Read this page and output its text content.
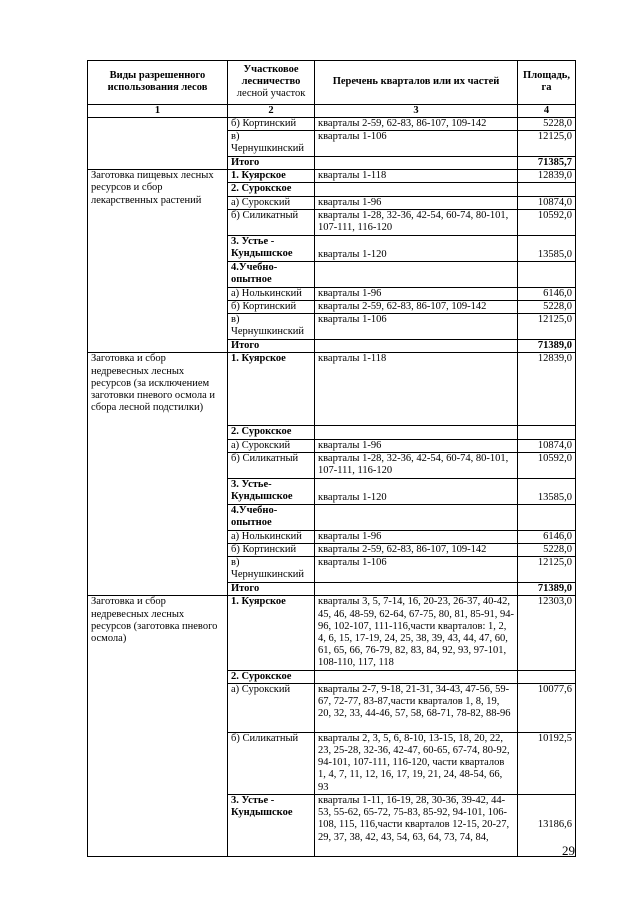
Виды разрешенного использования лесов	Участковое лесничество
лесной участок	Перечень кварталов или их частей	Площадь, га
1	2	3	4
	б) Кортинский	кварталы 2-59, 62-83, 86-107, 109-142	5228,0
	в) Чернушкинский	кварталы 1-106	12125,0
	Итого		71385,7
Заготовка пищевых лесных ресурсов и сбор лекарственных растений	1. Куярское	кварталы 1-118	12839,0
	2. Сурокское		
	а) Сурокский	кварталы 1-96	10874,0
	б) Силикатный	кварталы 1-28, 32-36, 42-54, 60-74, 80-101, 107-111, 116-120	10592,0
	3. Устье - Кундышское	кварталы 1-120	13585,0
	4.Учебно-опытное		
	а) Нолькинский	кварталы 1-96	6146,0
	б) Кортинский	кварталы 2-59, 62-83, 86-107, 109-142	5228,0
	в) Чернушкинский	кварталы 1-106	12125,0
	Итого		71389,0
Заготовка и сбор недревесных лесных ресурсов (за исключением заготовки пневого осмола и сбора лесной подстилки)	1. Куярское	кварталы 1-118	12839,0
	2. Сурокское		
	а) Сурокский	кварталы 1-96	10874,0
	б) Силикатный	кварталы 1-28, 32-36, 42-54, 60-74, 80-101, 107-111, 116-120	10592,0
	3. Устье-Кундышское	кварталы 1-120	13585,0
	4.Учебно-опытное		
	а) Нолькинский	кварталы 1-96	6146,0
	б) Кортинский	кварталы 2-59, 62-83, 86-107, 109-142	5228,0
	в) Чернушкинский	кварталы 1-106	12125,0
	Итого		71389,0
Заготовка и сбор недревесных лесных ресурсов (заготовка пневого осмола)	1. Куярское	кварталы 3, 5, 7-14, 16, 20-23, 26-37, 40-42, 45, 46, 48-59, 62-64, 67-75, 80, 81, 85-91, 94-96, 102-107, 111-116,части кварталов: 1, 2, 4, 6, 15, 17-19, 24, 25, 38, 39, 43, 44, 47, 60, 61, 65, 66, 76-79, 82, 83, 84, 92, 93, 97-101, 108-110, 117, 118	12303,0
	2. Сурокское		
	а) Сурокский	кварталы 2-7, 9-18, 21-31, 34-43, 47-56, 59-67, 72-77, 83-87,части кварталов 1, 8, 19, 20, 32, 33, 44-46, 57, 58, 68-71, 78-82, 88-96	10077,6
	б) Силикатный	кварталы 2, 3, 5, 6, 8-10, 13-15, 18, 20, 22, 23, 25-28, 32-36, 42-47, 60-65, 67-74, 80-92, 94-101, 107-111, 116-120, части кварталов 1, 4, 7, 11, 12, 16, 17, 19, 21, 24, 48-54, 66, 93	10192,5
	3. Устье - Кундышское	кварталы 1-11, 16-19, 28, 30-36, 39-42, 44-53, 55-62, 65-72, 75-83, 85-92, 94-101, 106-108, 115, 116,части кварталов 12-15, 20-27, 29, 37, 38, 42, 43, 54, 63, 64, 73, 74, 84,	13186,6
29
